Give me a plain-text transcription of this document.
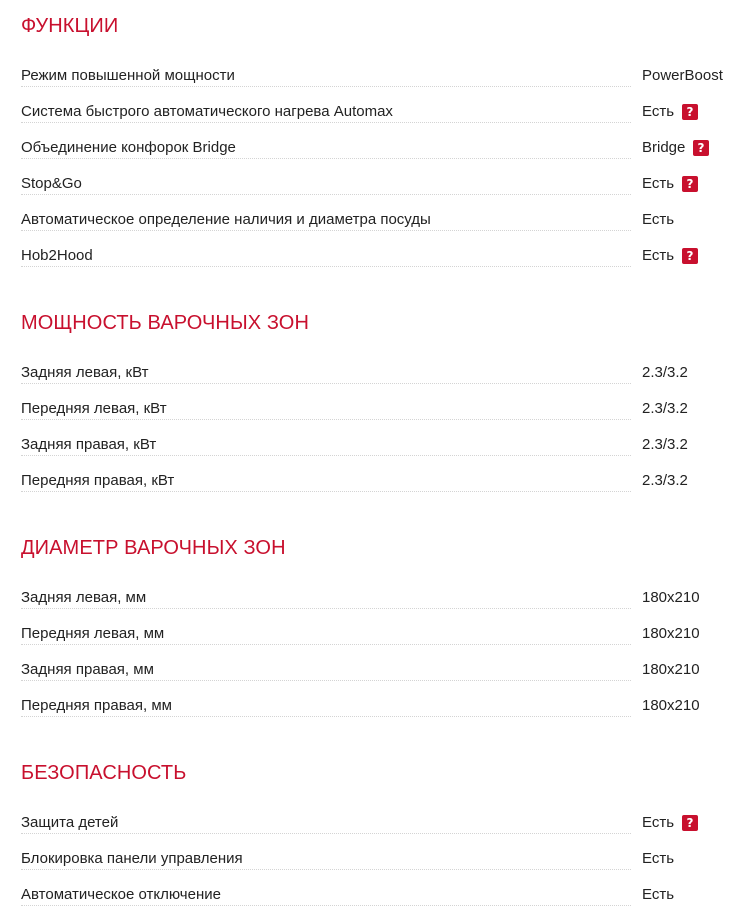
ФУНКЦИИ
Режим повышенной мощности	PowerBoost
Система быстрого автоматического нагрева Automax	Есть	?
Объединение конфорок Bridge	Bridge	?
Stop&Go	Есть	?
Автоматическое определение наличия и диаметра посуды	Есть
Hob2Hood	Есть	?
МОЩНОСТЬ ВАРОЧНЫХ ЗОН
Задняя левая, кВт	2.3/3.2
Передняя левая, кВт	2.3/3.2
Задняя правая, кВт	2.3/3.2
Передняя правая, кВт	2.3/3.2
ДИАМЕТР ВАРОЧНЫХ ЗОН
Задняя левая, мм	180x210
Передняя левая, мм	180x210
Задняя правая, мм	180x210
Передняя правая, мм	180x210
БЕЗОПАСНОСТЬ
Защита детей	Есть	?
Блокировка панели управления	Есть
Автоматическое отключение	Есть
